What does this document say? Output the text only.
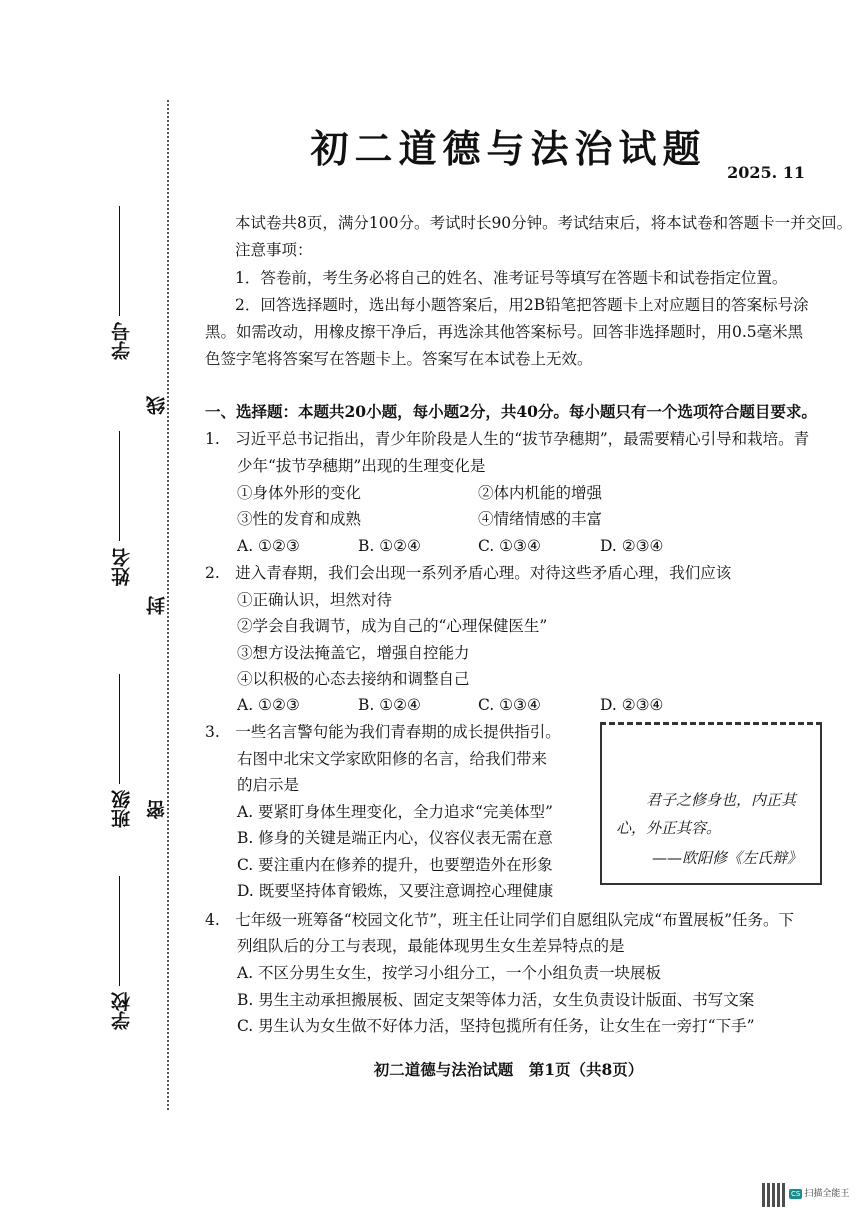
学号
姓名
班级
学校
线
封
密
初二道德与法治试题
2025. 11
本试卷共8页，满分100分。考试时长90分钟。考试结束后，将本试卷和答题卡一并交回。
注意事项：
1．答卷前，考生务必将自己的姓名、准考证号等填写在答题卡和试卷指定位置。
2．回答选择题时，选出每小题答案后，用2B铅笔把答题卡上对应题目的答案标号涂
黑。如需改动，用橡皮擦干净后，再选涂其他答案标号。回答非选择题时，用0.5毫米黑
色签字笔将答案写在答题卡上。答案写在本试卷上无效。
一、选择题：本题共20小题，每小题2分，共40分。每小题只有一个选项符合题目要求。
1.　习近平总书记指出，青少年阶段是人生的“拔节孕穗期”，最需要精心引导和栽培。青
少年“拔节孕穗期”出现的生理变化是
①身体外形的变化	②体内机能的增强
③性的发育和成熟	④情绪情感的丰富
A. ①②③	B. ①②④	C. ①③④	D. ②③④
2.　进入青春期，我们会出现一系列矛盾心理。对待这些矛盾心理，我们应该
①正确认识，坦然对待
②学会自我调节，成为自己的“心理保健医生”
③想方设法掩盖它，增强自控能力
④以积极的心态去接纳和调整自己
A. ①②③	B. ①②④	C. ①③④	D. ②③④
3.　一些名言警句能为我们青春期的成长提供指引。
右图中北宋文学家欧阳修的名言，给我们带来
的启示是
A. 要紧盯身体生理变化，全力追求“完美体型”
B. 修身的关键是端正内心，仪容仪表无需在意
C. 要注重内在修养的提升，也要塑造外在形象
D. 既要坚持体育锻炼，又要注意调控心理健康
君子之修身也，内正其
心，外正其容。
——欧阳修《左氏辩》
4.　七年级一班筹备“校园文化节”，班主任让同学们自愿组队完成“布置展板”任务。下
列组队后的分工与表现，最能体现男生女生差异特点的是
A. 不区分男生女生，按学习小组分工，一个小组负责一块展板
B. 男生主动承担搬展板、固定支架等体力活，女生负责设计版面、书写文案
C. 男生认为女生做不好体力活，坚持包揽所有任务，让女生在一旁打“下手”
初二道德与法治试题　第1页（共8页）
CS 扫描全能王
